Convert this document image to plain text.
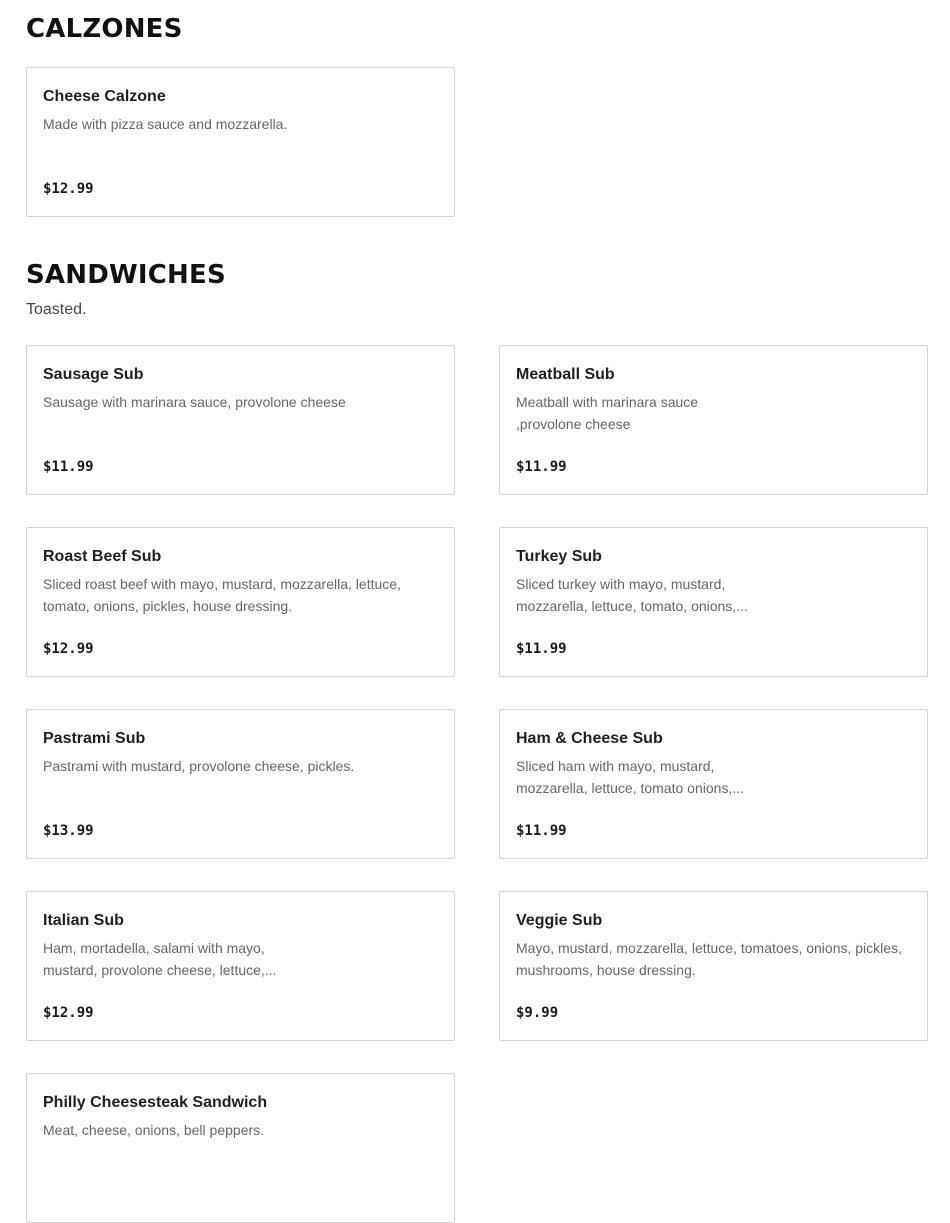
CALZONES
Cheese Calzone

Made with pizza sauce and mozzarella.

$12.99

SANDWICHES

Toasted.

Sausage Sub

Sausage with marinara sauce, provolone cheese

$11.99

Meatball Sub

Meatball with marinara sauce ,provolone cheese

$11.99

Roast Beef Sub

Sliced roast beef with mayo, mustard, mozzarella, lettuce, tomato, onions, pickles, house dressing.

$12.99

Turkey Sub

Sliced turkey with mayo, mustard, mozzarella, lettuce, tomato, onions,...

$11.99

Pastrami Sub

Pastrami with mustard, provolone cheese, pickles.

$13.99

Ham & Cheese Sub

Sliced ham with mayo, mustard, mozzarella, lettuce, tomato onions,...

$11.99

Italian Sub

Ham, mortadella, salami with mayo, mustard, provolone cheese, lettuce,...

$12.99

Veggie Sub

Mayo, mustard, mozzarella, lettuce, tomatoes, onions, pickles, mushrooms, house dressing.

$9.99

Philly Cheesesteak Sandwich

Meat, cheese, onions, bell peppers.
